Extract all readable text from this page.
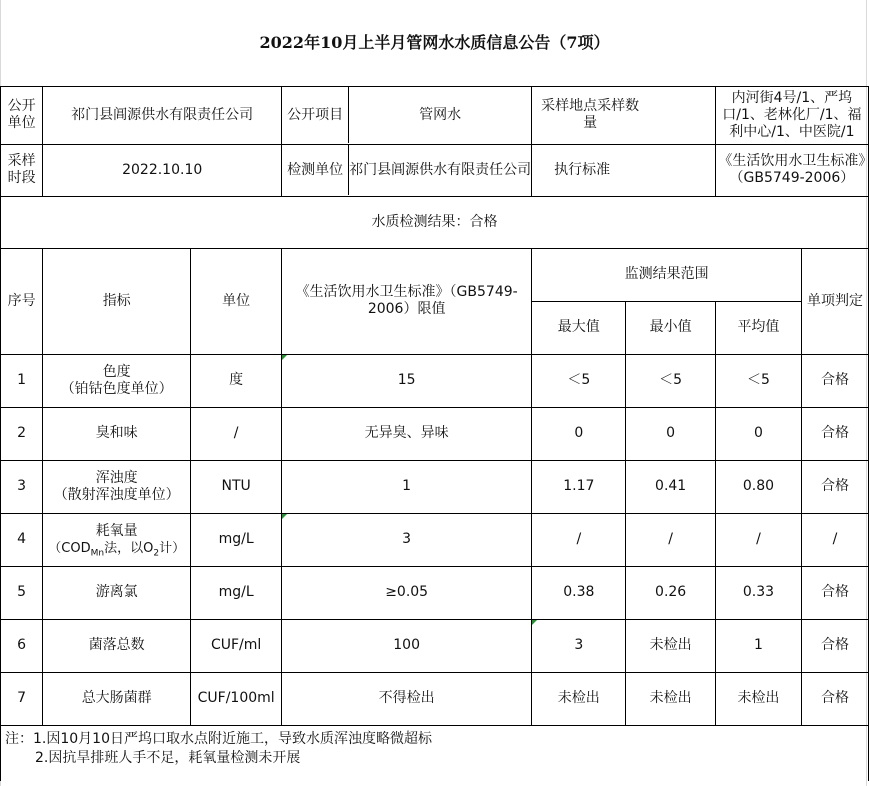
2022年10月上半月管网水水质信息公告（7项）							
公开单位	祁门县阊源供水有限责任公司		公开项目 管网水	采样地点采样数量		内河街4号/1、严坞口/1、老林化厂/1、福利中心/1、中医院/1	
采样时段	2022.10.10		检测单位 祁门县阊源供水有限责任公司	执行标准		《生活饮用水卫生标准》（GB5749-2006）	
水质检测结果：合格							
序号	指标	单位	《生活饮用水卫生标准》（GB5749-2006）限值	监测结果范围			单项判定
				最大值	最小值	平均值	
1	色度
（铂钴色度单位）	度	15	＜5	＜5	＜5	合格
2	臭和味	/	无异臭、异味	0	0	0	合格
3	浑浊度
（散射浑浊度单位）	NTU	1	1.17	0.41	0.80	合格
4	耗氧量
（$COD_{Mn}$法，以$O_2$计）	mg/L	3	/	/	/	/
5	游离氯	mg/L	≥0.05	0.38	0.26	0.33	合格
6	菌落总数	CUF/ml	100	3	未检出	1	合格
7	总大肠菌群	CUF/100ml	不得检出	未检出	未检出	未检出	合格
注：1.因10月10日严坞口取水点附近施工，导致水质浑浊度略微超标
2.因抗旱排班人手不足，耗氧量检测未开展							
